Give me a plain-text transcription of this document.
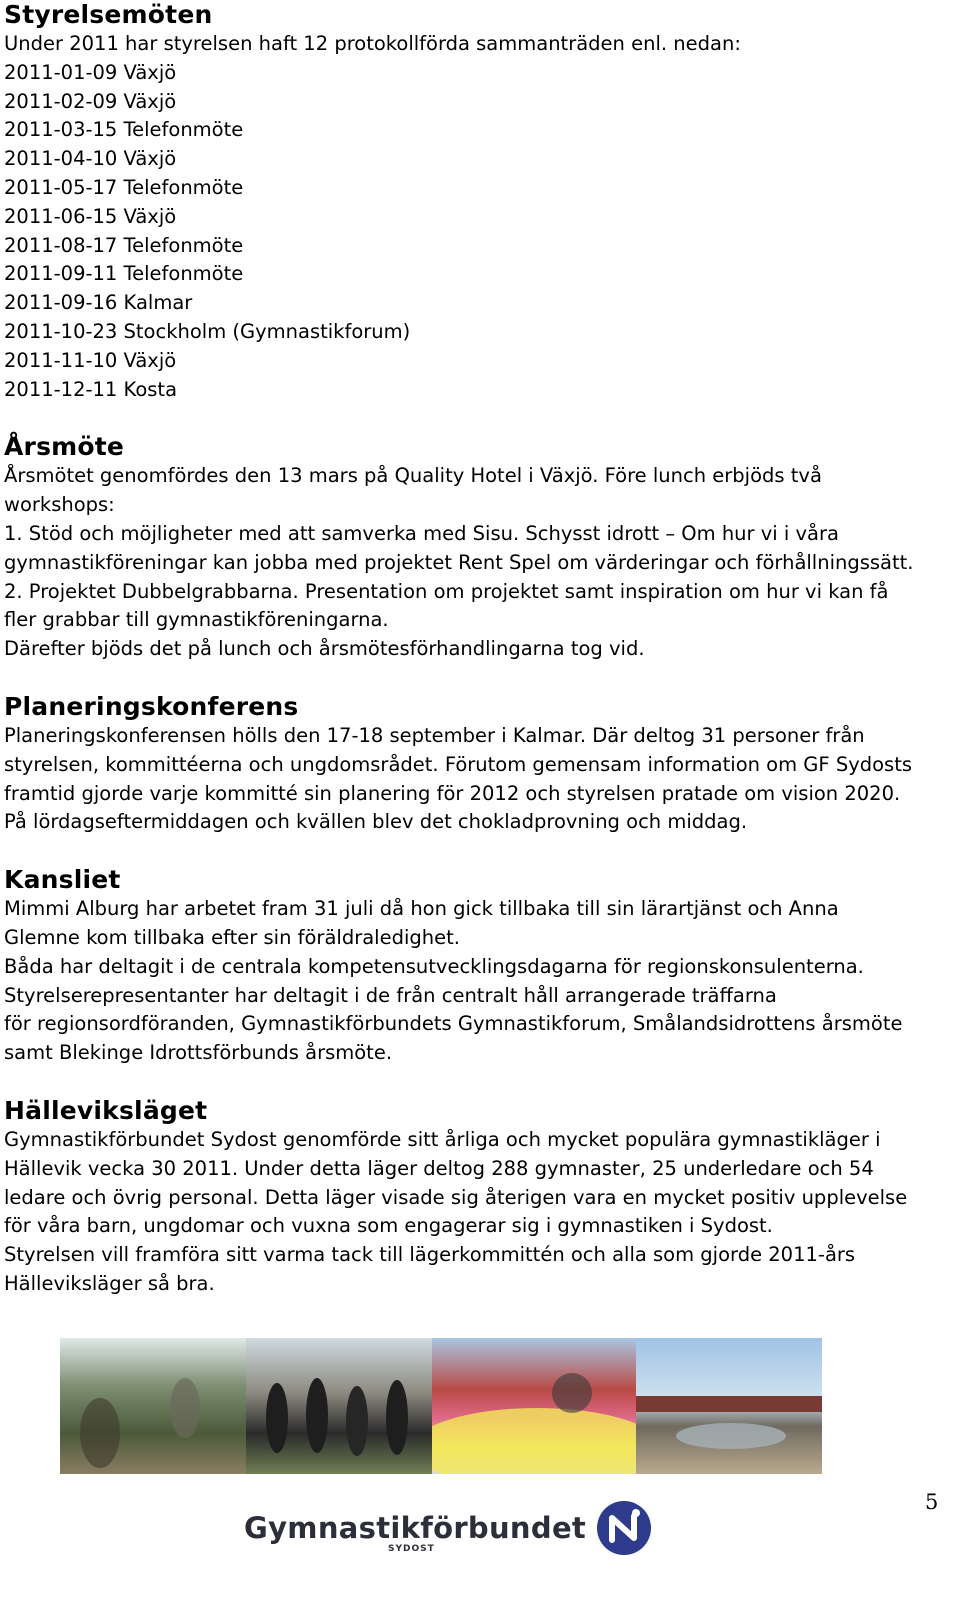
Styrelsemöten
Under 2011 har styrelsen haft 12 protokollförda sammanträden enl. nedan:
2011-01-09 Växjö
2011-02-09 Växjö
2011-03-15 Telefonmöte
2011-04-10 Växjö
2011-05-17 Telefonmöte
2011-06-15 Växjö
2011-08-17 Telefonmöte
2011-09-11 Telefonmöte
2011-09-16 Kalmar
2011-10-23 Stockholm (Gymnastikforum)
2011-11-10 Växjö
2011-12-11 Kosta
Årsmöte
Årsmötet genomfördes den 13 mars på Quality Hotel i Växjö. Före lunch erbjöds två
workshops:
1. Stöd och möjligheter med att samverka med Sisu. Schysst idrott – Om hur vi i våra
gymnastikföreningar kan jobba med projektet Rent Spel om värderingar och förhållningssätt.
2. Projektet Dubbelgrabbarna. Presentation om projektet samt inspiration om hur vi kan få
fler grabbar till gymnastikföreningarna.
Därefter bjöds det på lunch och årsmötesförhandlingarna tog vid.
Planeringskonferens
Planeringskonferensen hölls den 17-18 september i Kalmar. Där deltog 31 personer från
styrelsen, kommittéerna och ungdomsrådet. Förutom gemensam information om GF Sydosts
framtid gjorde varje kommitté sin planering för 2012 och styrelsen pratade om vision 2020.
På lördagseftermiddagen och kvällen blev det chokladprovning och middag.
Kansliet
Mimmi Alburg har arbetet fram 31 juli då hon gick tillbaka till sin lärartjänst och Anna
Glemne kom tillbaka efter sin föräldraledighet.
Båda har deltagit i de centrala kompetensutvecklingsdagarna för regionskonsulenterna.
Styrelserepresentanter har deltagit i de från centralt håll arrangerade träffarna
för regionsordföranden, Gymnastikförbundets Gymnastikforum, Smålandsidrottens årsmöte
samt Blekinge Idrottsförbunds årsmöte.
Hälleviksläget
Gymnastikförbundet Sydost genomförde sitt årliga och mycket populära gymnastikläger i
Hällevik vecka 30 2011. Under detta läger deltog 288 gymnaster, 25 underledare och 54
ledare och övrig personal. Detta läger visade sig återigen vara en mycket positiv upplevelse
för våra barn, ungdomar och vuxna som engagerar sig i gymnastiken i Sydost.
Styrelsen vill framföra sitt varma tack till lägerkommittén och alla som gjorde 2011-års
Hälleviksläger så bra.
Gymnastikförbundet
SYDOST
5
